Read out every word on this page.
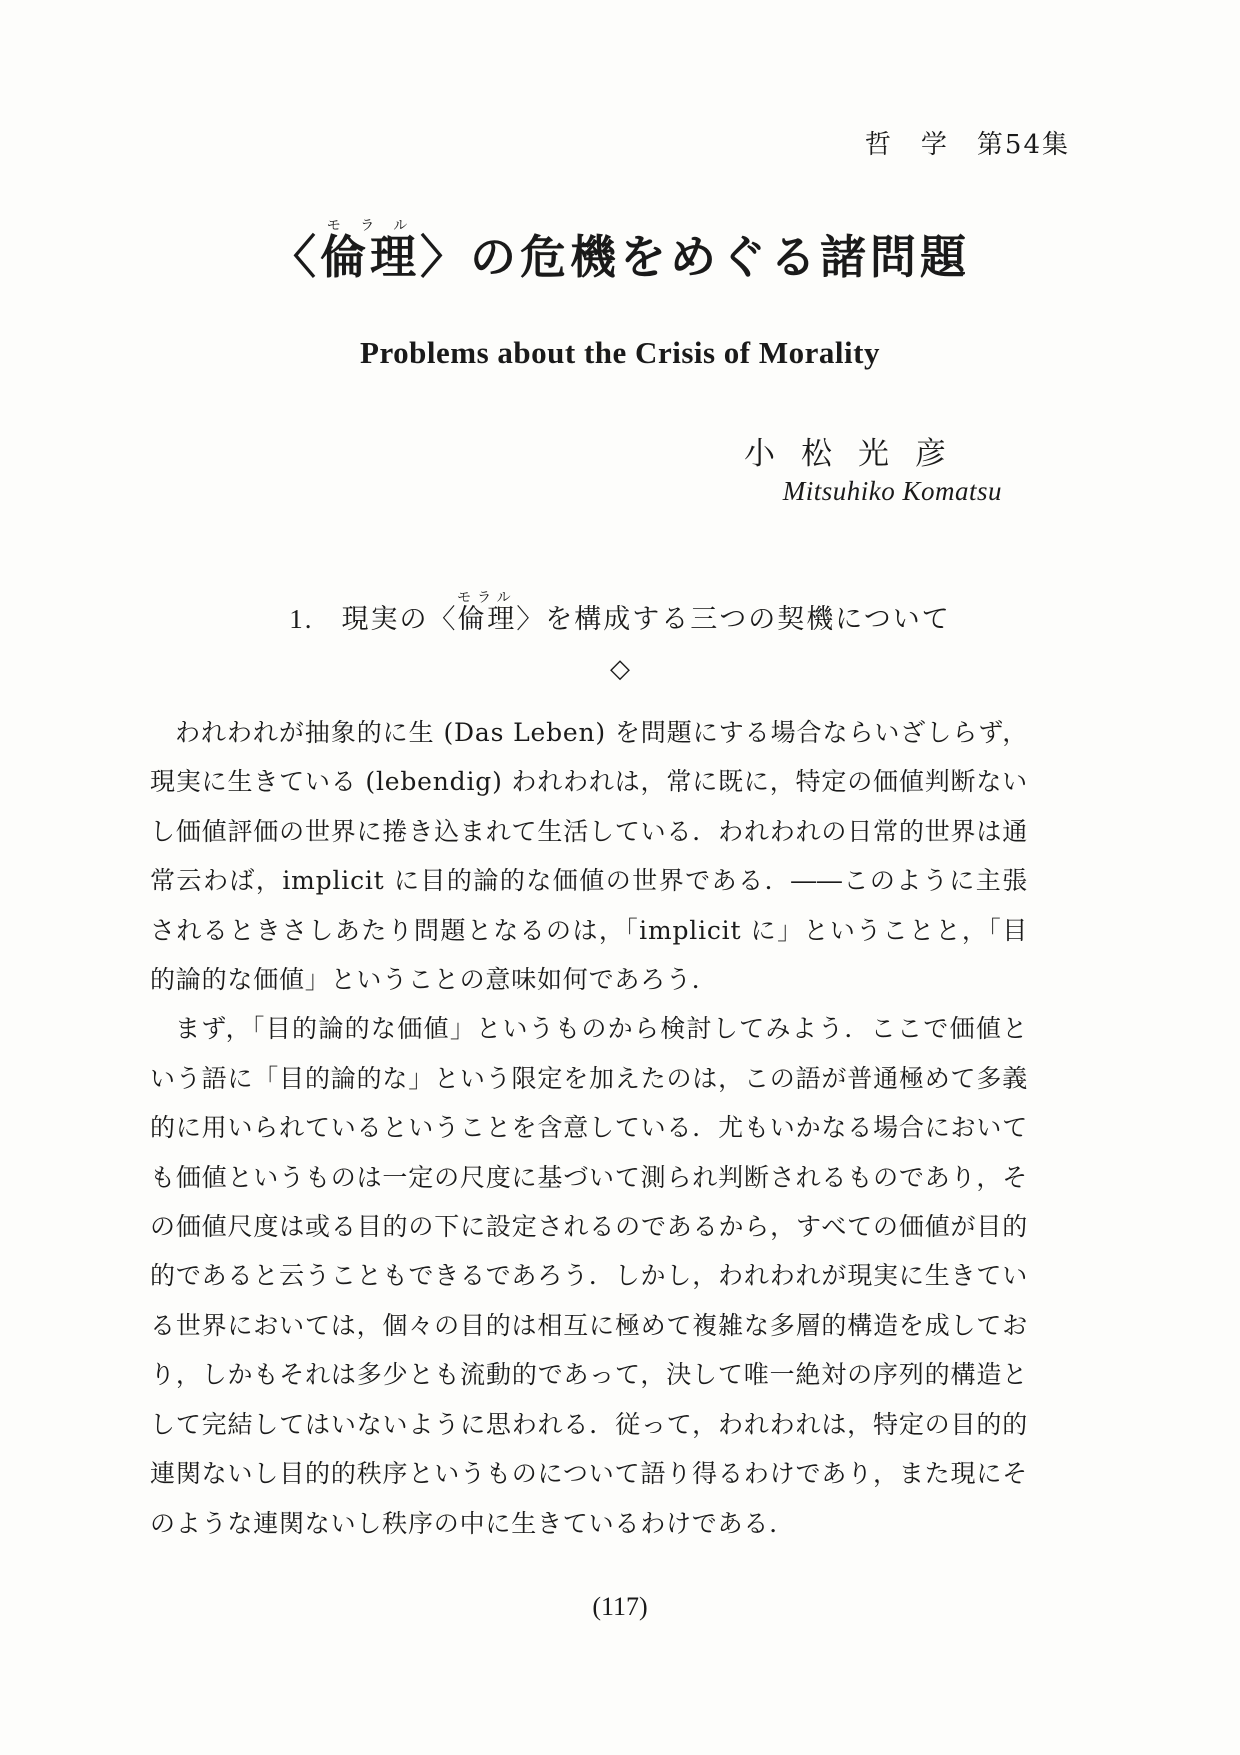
哲　学　第54集
〈倫理モラル〉の危機をめぐる諸問題
Problems about the Crisis of Morality
小松光彦
Mitsuhiko Komatsu
1. 現実の〈倫理モラル〉を構成する三つの契機について
◇

われわれが抽象的に生 (Das Leben) を問題にする場合ならいざしらず，現実に生きている (lebendig) われわれは，常に既に，特定の価値判断ないし価値評価の世界に捲き込まれて生活している．われわれの日常的世界は通常云わば，implicit に目的論的な価値の世界である．――このように主張されるときさしあたり問題となるのは，「implicit に」ということと，「目的論的な価値」ということの意味如何であろう．

まず，「目的論的な価値」というものから検討してみよう．ここで価値という語に「目的論的な」という限定を加えたのは，この語が普通極めて多義的に用いられているということを含意している．尤もいかなる場合においても価値というものは一定の尺度に基づいて測られ判断されるものであり，その価値尺度は或る目的の下に設定されるのであるから，すべての価値が目的的であると云うこともできるであろう．しかし，われわれが現実に生きている世界においては，個々の目的は相互に極めて複雑な多層的構造を成しており，しかもそれは多少とも流動的であって，決して唯一絶対の序列的構造として完結してはいないように思われる．従って，われわれは，特定の目的的連関ないし目的的秩序というものについて語り得るわけであり，また現にそのような連関ないし秩序の中に生きているわけである．

(117)
